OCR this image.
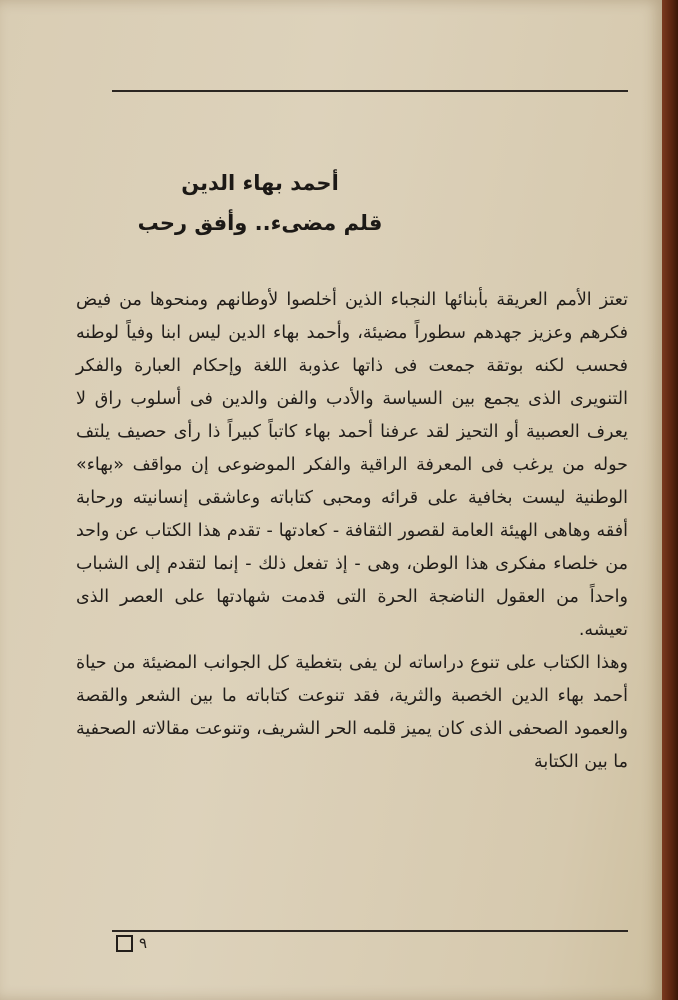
أحمد بهاء الدين

قلم مضىء.. وأفق رحب

تعتز الأمم العريقة بأبنائها النجباء الذين أخلصوا لأوطانهم ومنحوها من فيض فكرهم وعزيز جهدهم سطوراً مضيئة، وأحمد بهاء الدين ليس ابنا وفياً لوطنه فحسب لكنه بوتقة جمعت فى ذاتها عذوبة اللغة وإحكام العبارة والفكر التنويرى الذى يجمع بين السياسة والأدب والفن والدين فى أسلوب راق لا يعرف العصبية أو التحيز لقد عرفنا أحمد بهاء كاتباً كبيراً ذا رأى حصيف يلتف حوله من يرغب فى المعرفة الراقية والفكر الموضوعى إن مواقف «بهاء» الوطنية ليست بخافية على قرائه ومحبى كتاباته وعاشقى إنسانيته ورحابة أفقه وهاهى الهيئة العامة لقصور الثقافة - كعادتها - تقدم هذا الكتاب عن واحد من خلصاء مفكرى هذا الوطن، وهى - إذ تفعل ذلك - إنما لتقدم إلى الشباب واحداً من العقول الناضجة الحرة التى قدمت شهادتها على العصر الذى تعيشه.

وهذا الكتاب على تنوع دراساته لن يفى بتغطية كل الجوانب المضيئة من حياة أحمد بهاء الدين الخصبة والثرية، فقد تنوعت كتاباته ما بين الشعر والقصة والعمود الصحفى الذى كان يميز قلمه الحر الشريف، وتنوعت مقالاته الصحفية ما بين الكتابة

٩
